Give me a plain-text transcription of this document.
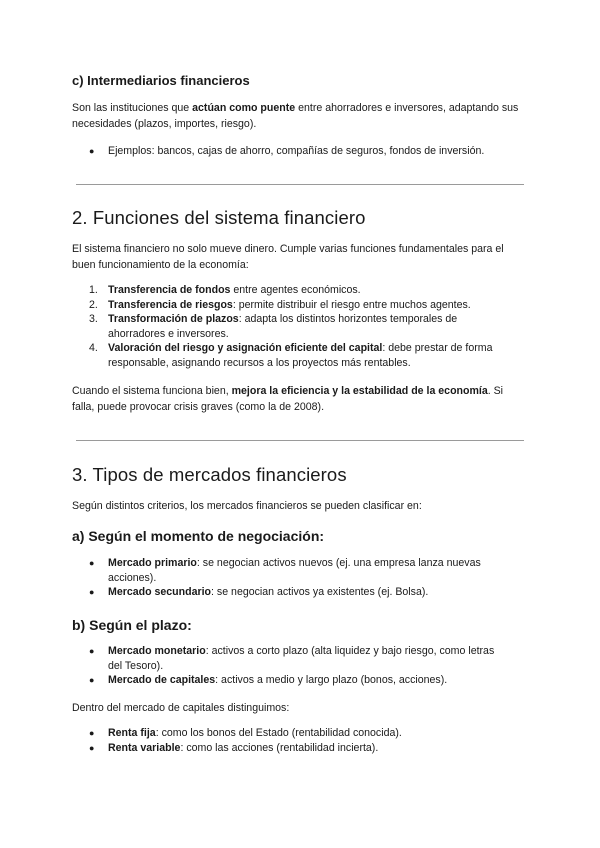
c) Intermediarios financieros

Son las instituciones que actúan como puente entre ahorradores e inversores, adaptando sus necesidades (plazos, importes, riesgo).

● Ejemplos: bancos, cajas de ahorro, compañías de seguros, fondos de inversión.
2. Funciones del sistema financiero

El sistema financiero no solo mueve dinero. Cumple varias funciones fundamentales para el buen funcionamiento de la economía:

1. Transferencia de fondos entre agentes económicos.
2. Transferencia de riesgos: permite distribuir el riesgo entre muchos agentes.
3. Transformación de plazos: adapta los distintos horizontes temporales de ahorradores e inversores.
4. Valoración del riesgo y asignación eficiente del capital: debe prestar de forma responsable, asignando recursos a los proyectos más rentables.

Cuando el sistema funciona bien, mejora la eficiencia y la estabilidad de la economía. Si falla, puede provocar crisis graves (como la de 2008).

3. Tipos de mercados financieros

Según distintos criterios, los mercados financieros se pueden clasificar en:

a) Según el momento de negociación:
● Mercado primario: se negocian activos nuevos (ej. una empresa lanza nuevas acciones).
● Mercado secundario: se negocian activos ya existentes (ej. Bolsa).
b) Según el plazo:
● Mercado monetario: activos a corto plazo (alta liquidez y bajo riesgo, como letras del Tesoro).
● Mercado de capitales: activos a medio y largo plazo (bonos, acciones).

Dentro del mercado de capitales distinguimos:

● Renta fija: como los bonos del Estado (rentabilidad conocida).
● Renta variable: como las acciones (rentabilidad incierta).
